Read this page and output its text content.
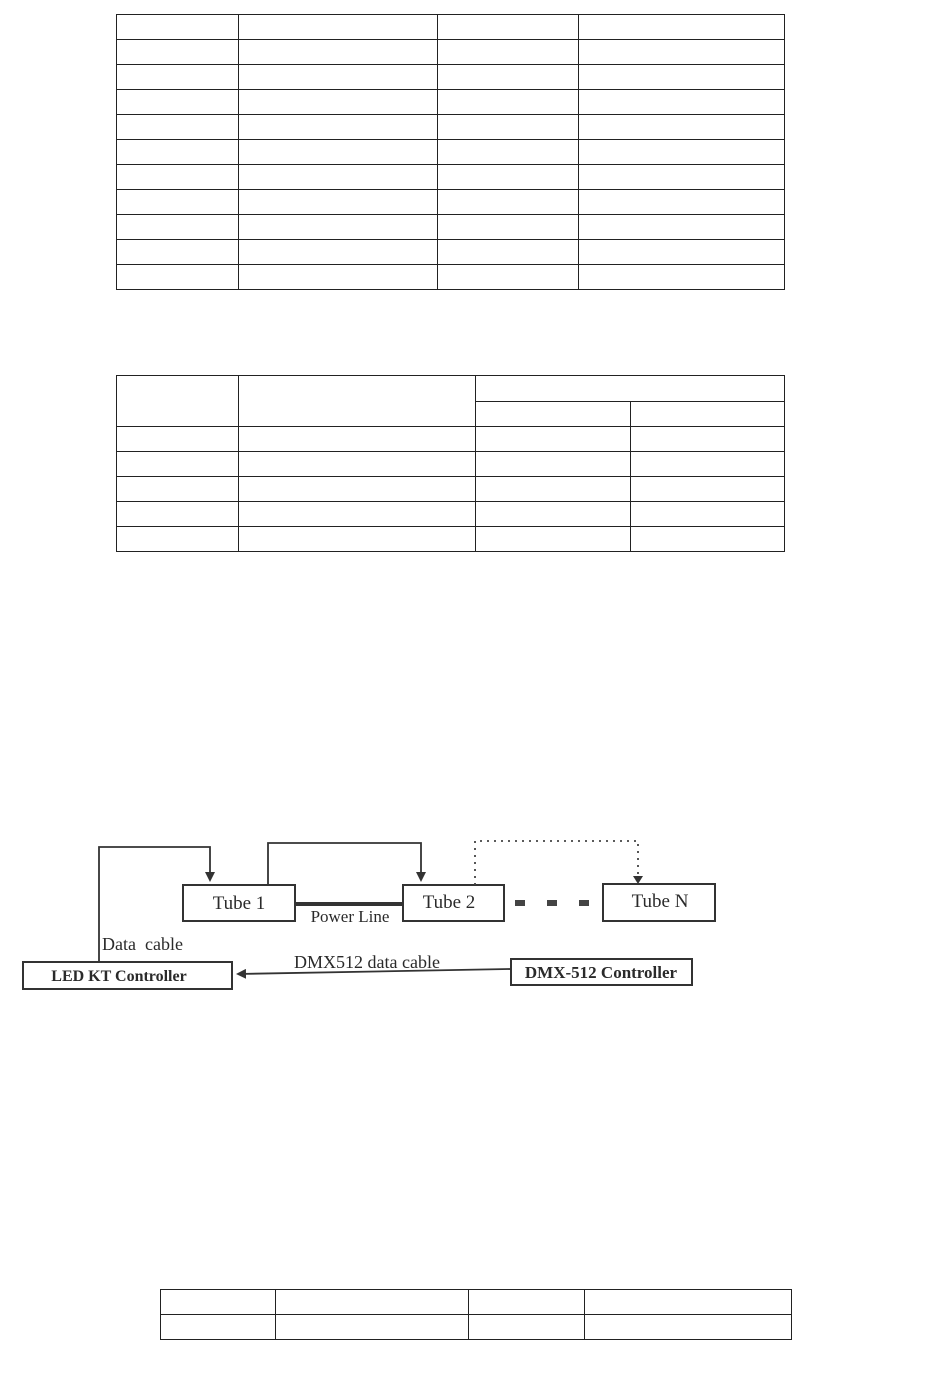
Tube 1	Tube 2	Tube N
Power Line
Data  cable
LED KT Controller	DMX-512 Controller
DMX512 data cable
